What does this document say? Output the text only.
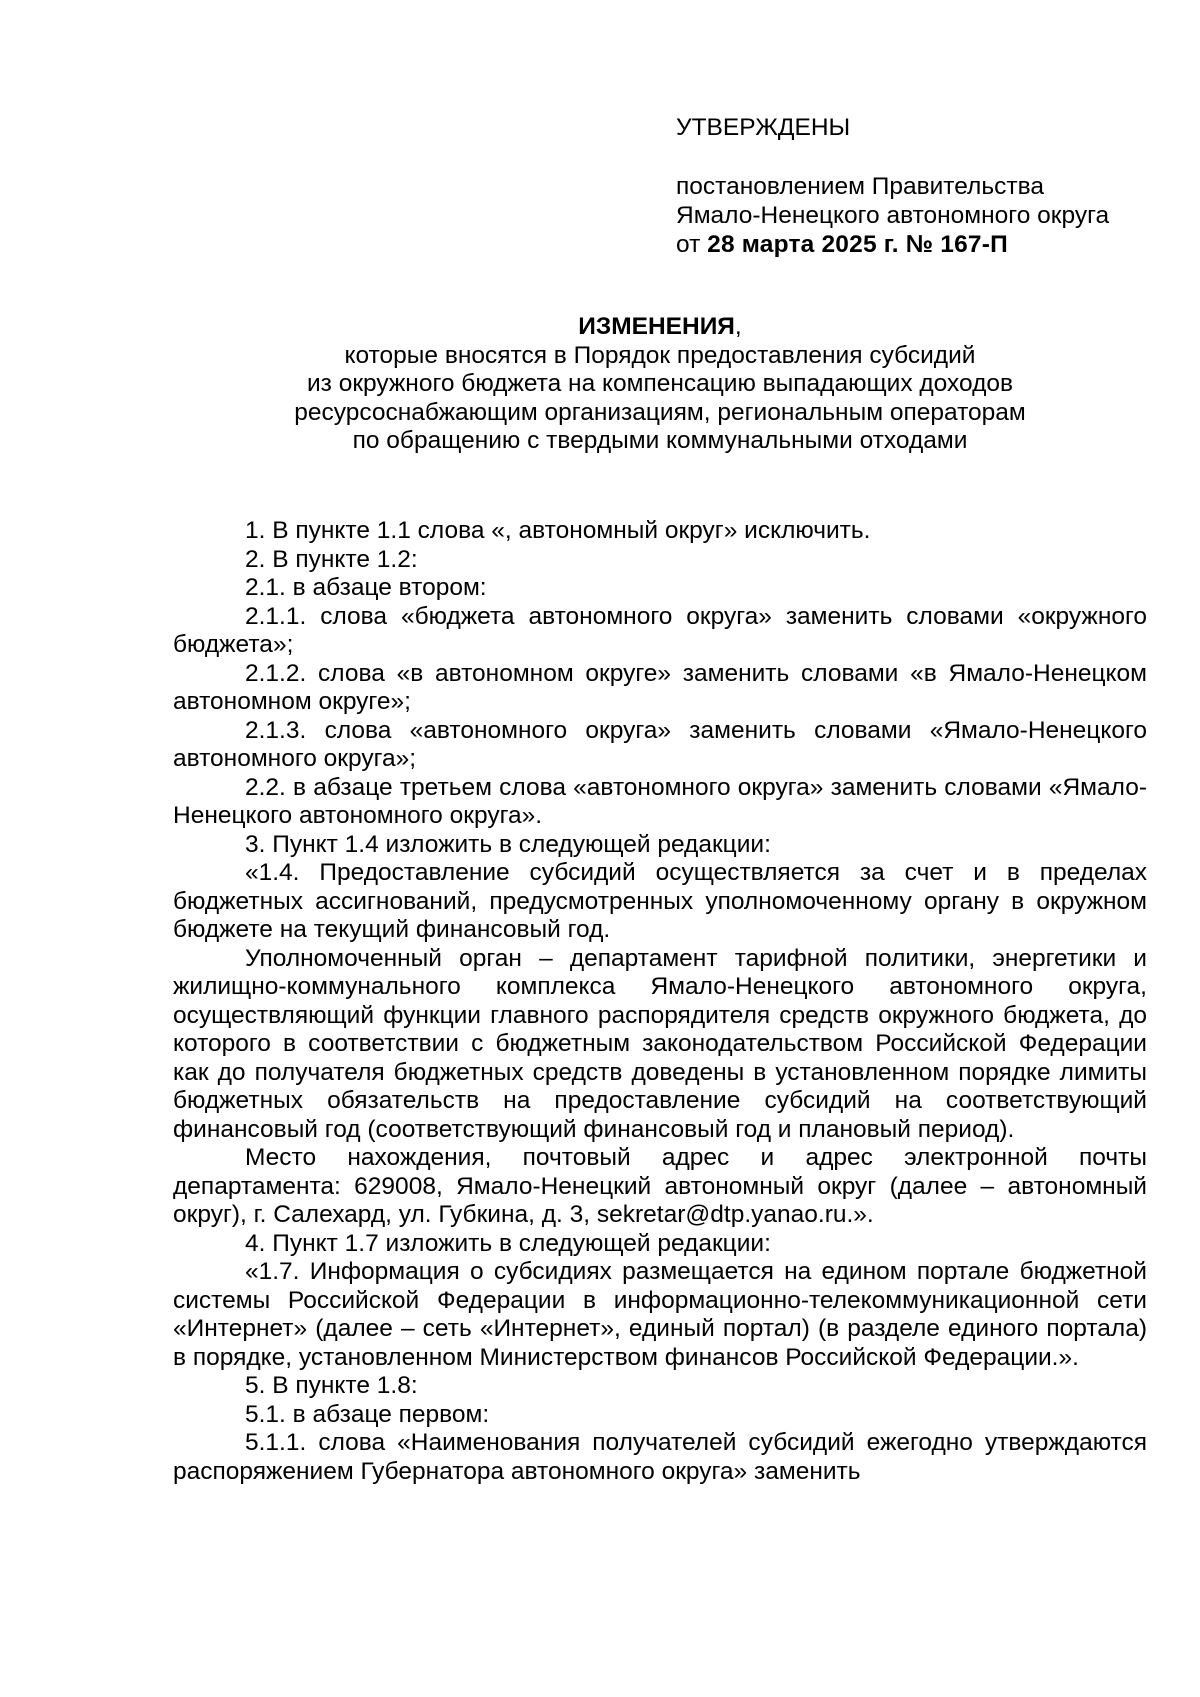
УТВЕРЖДЕНЫ
постановлением Правительства
Ямало-Ненецкого автономного округа
от 28 марта 2025 г. № 167-П
ИЗМЕНЕНИЯ,
которые вносятся в Порядок предоставления субсидий
из окружного бюджета на компенсацию выпадающих доходов
ресурсоснабжающим организациям, региональным операторам
по обращению с твердыми коммунальными отходами

1. В пункте 1.1 слова «, автономный округ» исключить.

2. В пункте 1.2:

2.1. в абзаце втором:

2.1.1. слова «бюджета автономного округа» заменить словами «окружного бюджета»;

2.1.2. слова «в автономном округе» заменить словами «в Ямало-Ненецком автономном округе»;

2.1.3. слова «автономного округа» заменить словами «Ямало-Ненецкого автономного округа»;

2.2. в абзаце третьем слова «автономного округа» заменить словами «Ямало-Ненецкого автономного округа».

3. Пункт 1.4 изложить в следующей редакции:

«1.4. Предоставление субсидий осуществляется за счет и в пределах бюджетных ассигнований, предусмотренных уполномоченному органу в окружном бюджете на текущий финансовый год.

Уполномоченный орган – департамент тарифной политики, энергетики и жилищно-коммунального комплекса Ямало-Ненецкого автономного округа, осуществляющий функции главного распорядителя средств окружного бюджета, до которого в соответствии с бюджетным законодательством Российской Федерации как до получателя бюджетных средств доведены в установленном порядке лимиты бюджетных обязательств на предоставление субсидий на соответствующий финансовый год (соответствующий финансовый год и плановый период).

Место нахождения, почтовый адрес и адрес электронной почты департамента: 629008, Ямало-Ненецкий автономный округ (далее – автономный округ), г. Салехард, ул. Губкина, д. 3, sekretar@dtp.yanao.ru.».

4. Пункт 1.7 изложить в следующей редакции:

«1.7. Информация о субсидиях размещается на едином портале бюджетной системы Российской Федерации в информационно-телекоммуникационной сети «Интернет» (далее – сеть «Интернет», единый портал) (в разделе единого портала) в порядке, установленном Министерством финансов Российской Федерации.».

5. В пункте 1.8:

5.1. в абзаце первом:

5.1.1. слова «Наименования получателей субсидий ежегодно утверждаются распоряжением Губернатора автономного округа» заменить
